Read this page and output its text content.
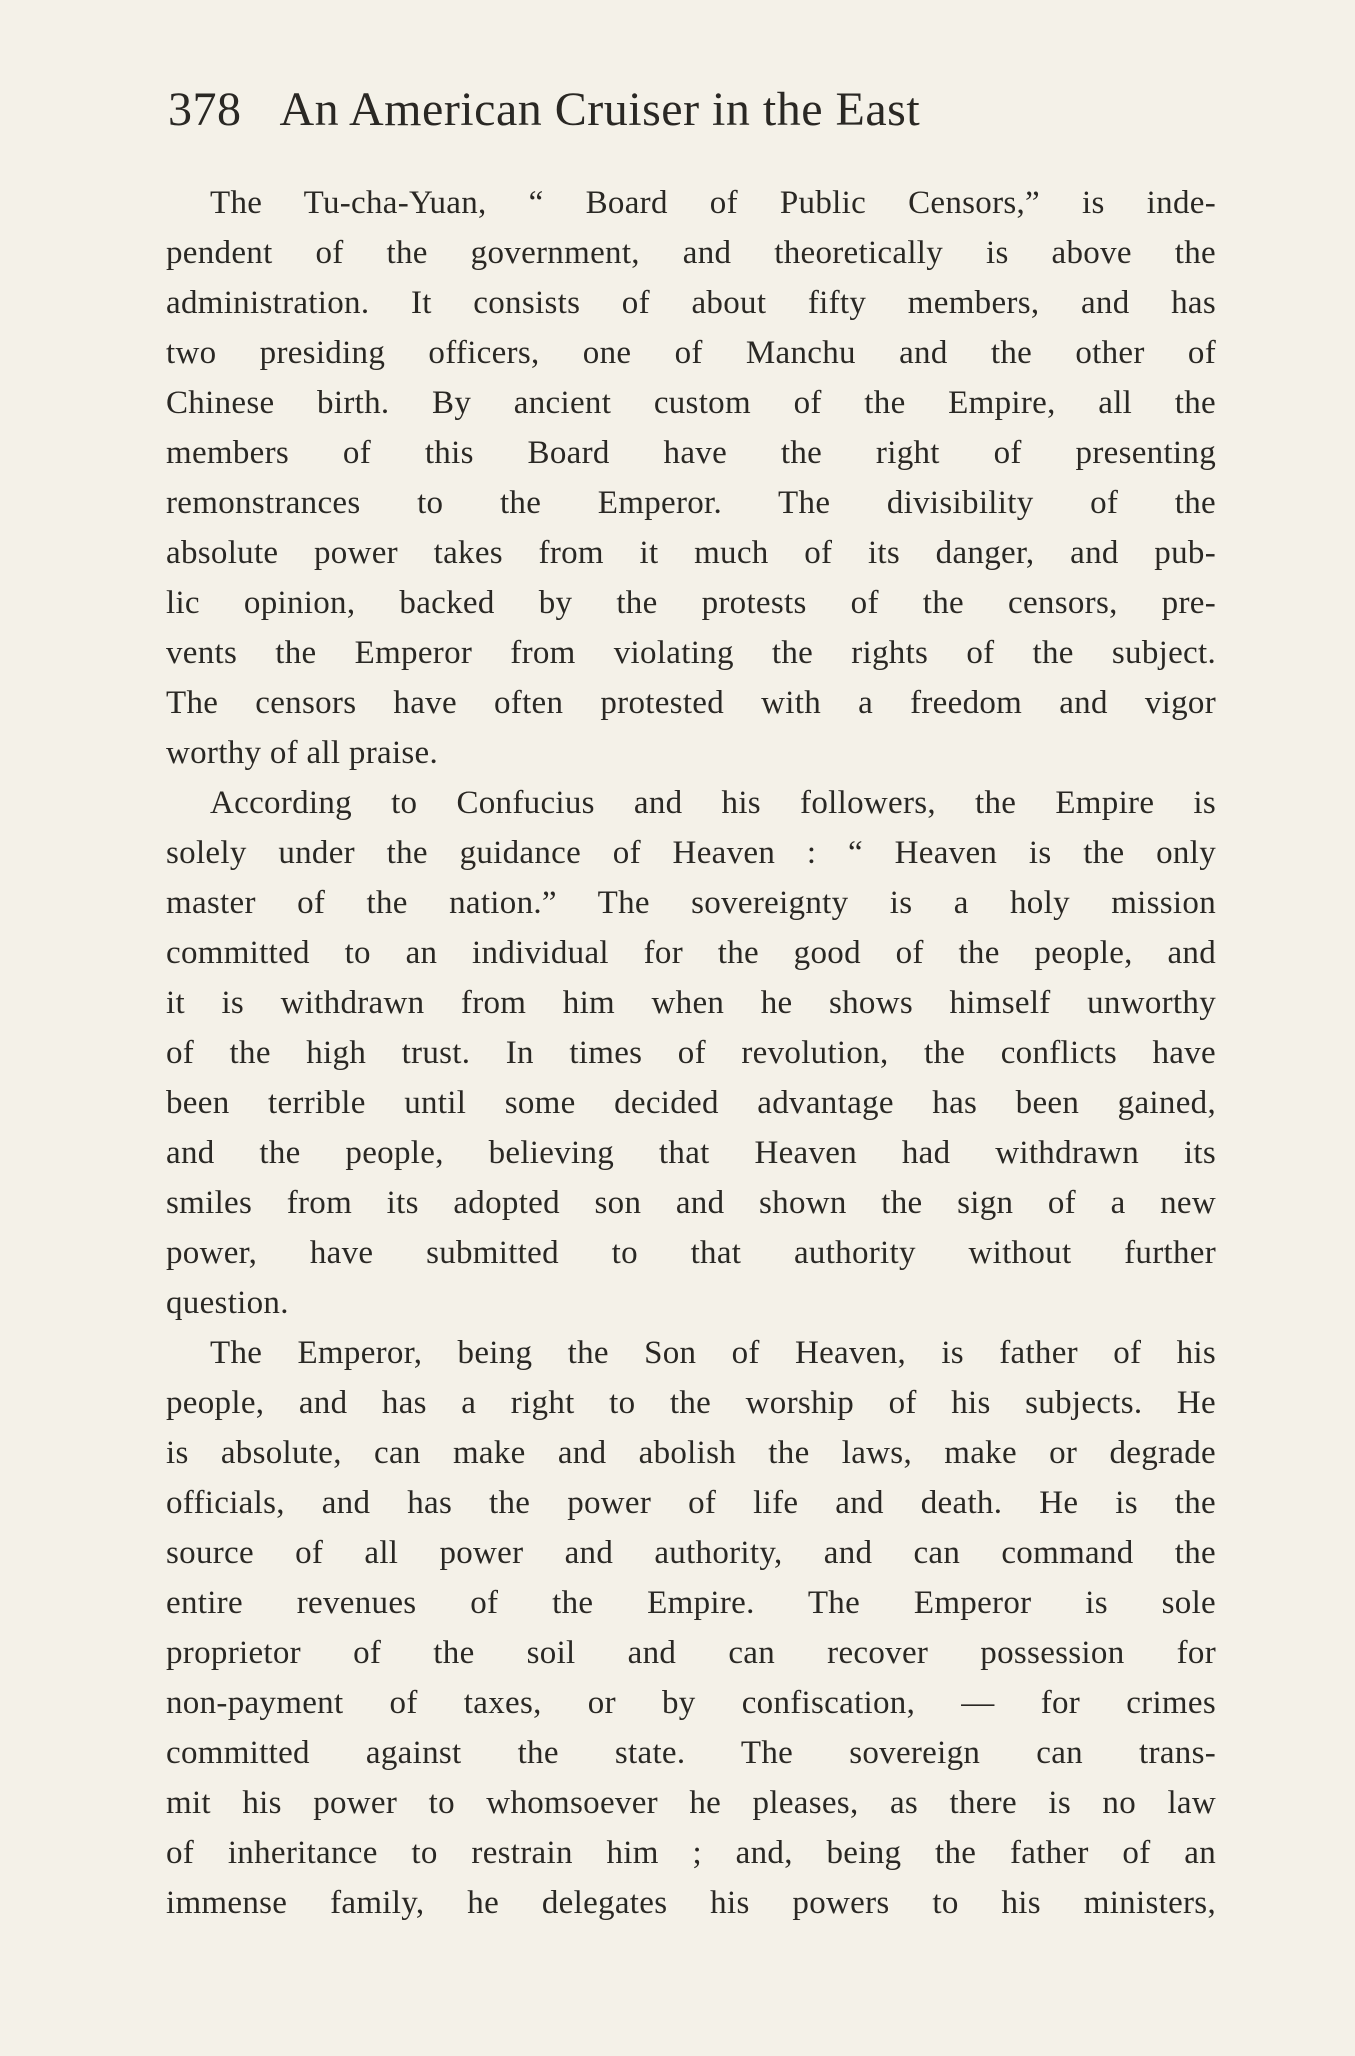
378 An American Cruiser in the East
The Tu-cha-Yuan, “ Board of Public Censors,” is inde-
pendent of the government, and theoretically is above the
administration. It consists of about fifty members, and has
two presiding officers, one of Manchu and the other of
Chinese birth. By ancient custom of the Empire, all the
members of this Board have the right of presenting
remonstrances to the Emperor. The divisibility of the
absolute power takes from it much of its danger, and pub-
lic opinion, backed by the protests of the censors, pre-
vents the Emperor from violating the rights of the subject.
The censors have often protested with a freedom and vigor
worthy of all praise.
According to Confucius and his followers, the Empire is
solely under the guidance of Heaven : “ Heaven is the only
master of the nation.” The sovereignty is a holy mission
committed to an individual for the good of the people, and
it is withdrawn from him when he shows himself unworthy
of the high trust. In times of revolution, the conflicts have
been terrible until some decided advantage has been gained,
and the people, believing that Heaven had withdrawn its
smiles from its adopted son and shown the sign of a new
power, have submitted to that authority without further
question.
The Emperor, being the Son of Heaven, is father of his
people, and has a right to the worship of his subjects. He
is absolute, can make and abolish the laws, make or degrade
officials, and has the power of life and death. He is the
source of all power and authority, and can command the
entire revenues of the Empire. The Emperor is sole
proprietor of the soil and can recover possession for
non-payment of taxes, or by confiscation, — for crimes
committed against the state. The sovereign can trans-
mit his power to whomsoever he pleases, as there is no law
of inheritance to restrain him ; and, being the father of an
immense family, he delegates his powers to his ministers,
